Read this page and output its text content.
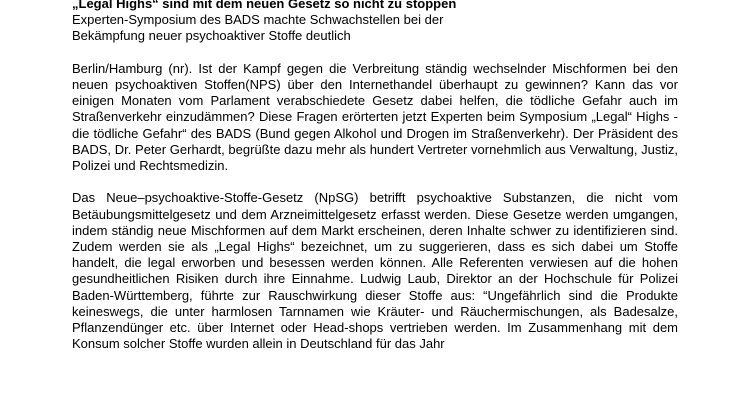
„Legal Highs“ sind mit dem neuen Gesetz so nicht zu stoppen

Experten-Symposium des BADS machte Schwachstellen bei der

Bekämpfung neuer psychoaktiver Stoffe deutlich

Berlin/Hamburg (nr). Ist der Kampf gegen die Verbreitung ständig wechselnder Mischformen bei den neuen psychoaktiven Stoffen(NPS) über den Internethandel überhaupt zu gewinnen? Kann das vor einigen Monaten vom Parlament verabschiedete Gesetz dabei helfen, die tödliche Gefahr auch im Straßenverkehr einzudämmen? Diese Fragen erörterten jetzt Experten beim Symposium „Legal“ Highs - die tödliche Gefahr“ des BADS (Bund gegen Alkohol und Drogen im Straßenverkehr). Der Präsident des BADS, Dr. Peter Gerhardt, begrüßte dazu mehr als hundert Vertreter vornehmlich aus Verwaltung, Justiz, Polizei und Rechtsmedizin.

Das Neue–psychoaktive-Stoffe-Gesetz (NpSG) betrifft psychoaktive Substanzen, die nicht vom Betäubungsmittelgesetz und dem Arzneimittelgesetz erfasst werden. Diese Gesetze werden umgangen, indem ständig neue Mischformen auf dem Markt erscheinen, deren Inhalte schwer zu identifizieren sind. Zudem werden sie als „Legal Highs“ bezeichnet, um zu suggerieren, dass es sich dabei um Stoffe handelt, die legal erworben und besessen werden können. Alle Referenten verwiesen auf die hohen gesundheitlichen Risiken durch ihre Einnahme. Ludwig Laub, Direktor an der Hochschule für Polizei Baden-Württemberg, führte zur Rauschwirkung dieser Stoffe aus: “Ungefährlich sind die Produkte keineswegs, die unter harmlosen Tarnnamen wie Kräuter- und Räuchermischungen, als Badesalze, Pflanzendünger etc. über Internet oder Head-shops vertrieben werden. Im Zusammenhang mit dem Konsum solcher Stoffe wurden allein in Deutschland für das Jahr
